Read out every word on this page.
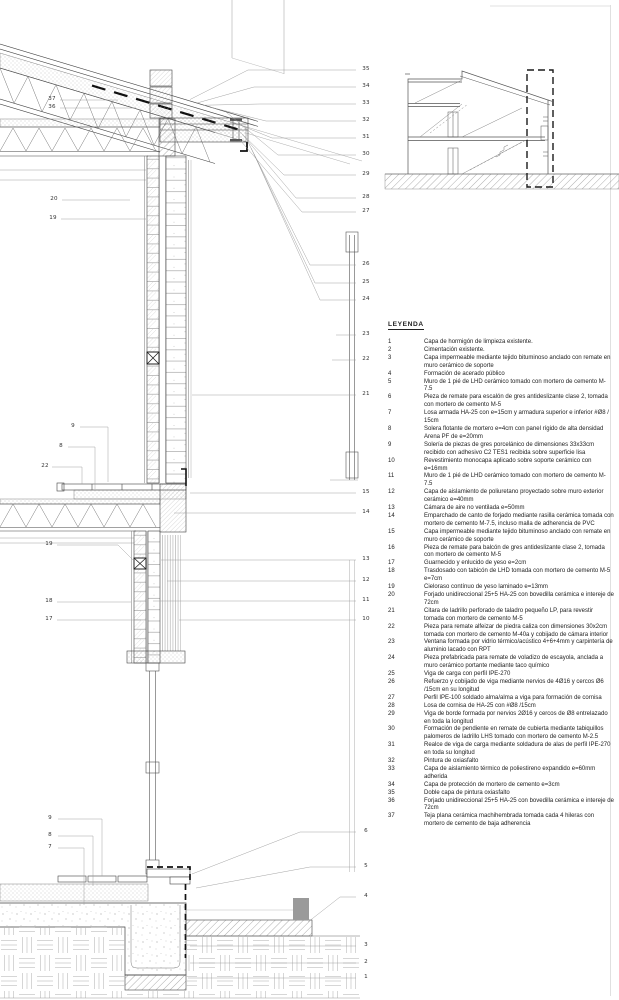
LEYENDA
1	Capa de hormigón de limpieza existente.
2	Cimentación existente.
3	Capa impermeable mediante tejido bituminoso anclado con remate en muro cerámico de soporte
4	Formación de acerado público
5	Muro de 1 pié de LHD cerámico tomado con mortero de cemento M-7.5
6	Pieza de remate para escalón de gres antideslizante clase 2, tomada con mortero de cemento M-5
7	Losa armada HA-25 con e=15cm y armadura superior e inferior #Ø8 / 15cm
8	Solera flotante de mortero e=4cm con panel rígido de alta densidad Arena PF de e=20mm
9	Solería de piezas de gres porcelánico de dimensiones 33x33cm recibido con adhesivo C2 TES1 recibida sobre superficie lisa
10	Revestimiento monocapa aplicado sobre soporte cerámico con e=16mm
11	Muro de 1 pié de LHD cerámico tomado con mortero de cemento M-7.5
12	Capa de aislamiento de poliuretano proyectado sobre muro exterior cerámico e=40mm
13	Cámara de aire no ventilada e=50mm
14	Emparchado de canto de forjado mediante rasilla cerámica tomada con mortero de cemento M-7.5, incluso malla de adherencia de PVC
15	Capa impermeable mediante tejido bituminoso anclado con remate en muro cerámico de soporte
16	Pieza de remate para balcón de gres antideslizante clase 2, tomada con mortero de cemento M-5
17	Guarnecido y enlucido de yeso e=2cm
18	Trasdosado con tabicón de LHD tomada con mortero de cemento M-5 e=7cm
19	Cieloraso contínuo de yeso laminado e=13mm
20	Forjado unidireccional 25+5 HA-25 con bovedilla cerámica e intereje de 72cm
21	Citara de ladrillo perforado de taladro pequeño LP, para revestir tomada con mortero de cemento M-5
22	Pieza para remate alfeizar de piedra caliza con dimensiones 30x2cm tomada con mortero de cemento M-40a y cobijado de cámara interior
23	Ventana formada por vidrio térmico/acústico 4+6+4mm y carpintería de aluminio lacado con RPT
24	Pieza prefabricada para remate de voladizo de escayola, anclada a muro cerámico portante mediante taco químico
25	Viga de carga con perfil IPE-270
26	Refuerzo y cobijado de viga mediante nervios de 4Ø16 y cercos Ø6 /15cm en su longitud
27	Perfil IPE-100 soldado alma/alma a viga para formación de cornisa
28	Losa de cornisa de HA-25 con #Ø8 /15cm
29	Viga de borde formada por nervios 2Ø16 y cercos de Ø8 entrelazado en toda la longitud
30	Formación de pendiente en remate de cubierta mediante tabiquillos palomeros de ladrillo LHS tomado con mortero de cemento M-2.5
31	Realce de viga de carga mediante soldadura de alas de perfil IPE-270 en toda su longitud
32	Pintura de oxiasfalto
33	Capa de aislamiento térmico de poliestireno expandido e=60mm adherida
34	Capa de protección de mortero de cemento e=3cm
35	Doble capa de pintura oxiasfalto
36	Forjado unidireccional 25+5 HA-25 con bovedilla cerámica e intereje de 72cm
37	Teja plana cerámica machihembrada tomada cada 4 hileras con mortero de cemento de baja adherencia
37
36
20
19
9
8
22
19
18
17
9
8
7
35
34
33
32
31
30
29
28
27
26
25
24
23
22
21
15
14
13
12
11
10
6
5
4
3
2
1
